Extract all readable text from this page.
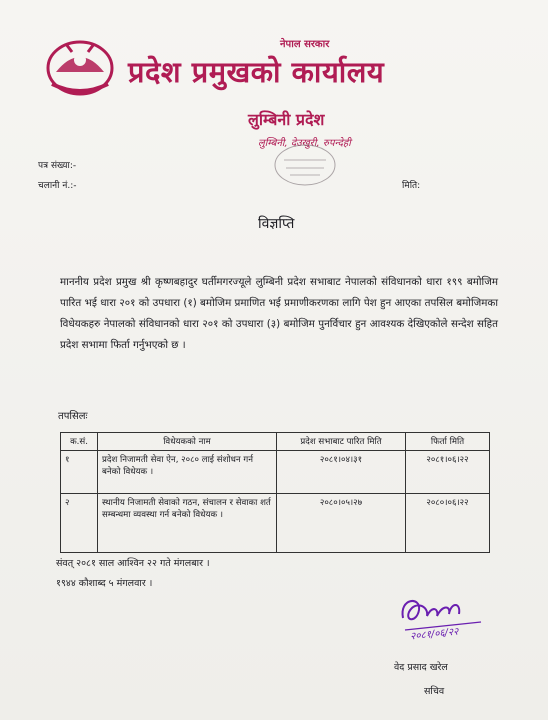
नेपाल सरकार
प्रदेश प्रमुखको कार्यालय
लुम्बिनी प्रदेश
लुम्बिनी, देउखुरी, रुपन्देही
पत्र संख्या:-
चलानी नं.:-	मिति:
विज्ञप्ति
माननीय प्रदेश प्रमुख श्री कृष्णबहादुर घर्तीमगरज्यूले लुम्बिनी प्रदेश सभाबाट नेपालको संविधानको धारा १९९ बमोजिम पारित भई धारा २०१ को उपधारा (१) बमोजिम प्रमाणित भई प्रमाणीकरणका लागि पेश हुन आएका तपसिल बमोजिमका विधेयकहरु नेपालको संविधानको धारा २०१ को उपधारा (३) बमोजिम पुनर्विचार हुन आवश्यक देखिएकोले सन्देश सहित प्रदेश सभामा फिर्ता गर्नुभएको छ ।
तपसिलः
क.सं.	विधेयकको नाम	प्रदेश सभाबाट पारित मिति	फिर्ता मिति
१	प्रदेश निजामती सेवा ऐन, २०८० लाई संशोधन गर्न बनेको विधेयक ।	२०८१।०४।३१	२०८१।०६।२२
२	स्थानीय निजामती सेवाको गठन, संचालन र सेवाका शर्त सम्बन्धमा व्यवस्था गर्न बनेको विधेयक ।	२०८०।०५।२७	२०८०।०६।२२
संवत् २०८१ साल आश्विन २२ गते मंगलबार ।
१९४४ कौशाब्द ५ मंगलवार ।
२०८१/०६/२२
वेद प्रसाद खरेल
सचिव
